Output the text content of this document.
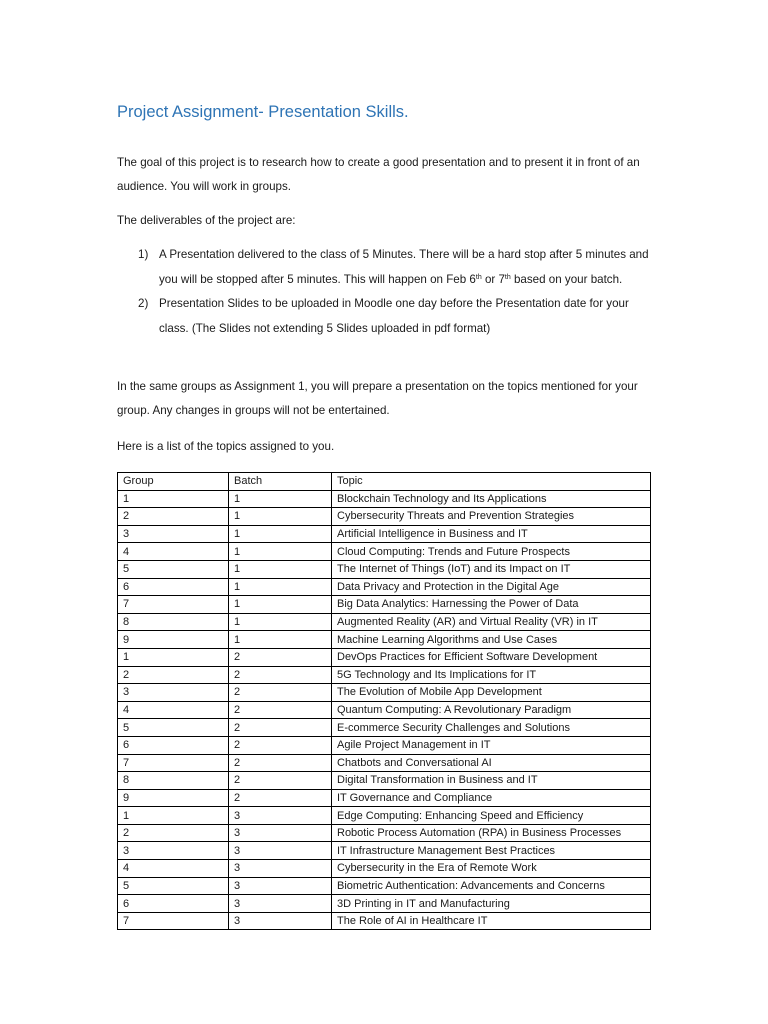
Project Assignment- Presentation Skills.

The goal of this project is to research how to create a good presentation and to present it in front of an audience. You will work in groups.

The deliverables of the project are:

1) A Presentation delivered to the class of 5 Minutes. There will be a hard stop after 5 minutes and you will be stopped after 5 minutes. This will happen on Feb 6th or 7th based on your batch.
2) Presentation Slides to be uploaded in Moodle one day before the Presentation date for your class. (The Slides not extending 5 Slides uploaded in pdf format)

In the same groups as Assignment 1, you will prepare a presentation on the topics mentioned for your group. Any changes in groups will not be entertained.

Here is a list of the topics assigned to you.

Group	Batch	Topic
1	1	Blockchain Technology and Its Applications
2	1	Cybersecurity Threats and Prevention Strategies
3	1	Artificial Intelligence in Business and IT
4	1	Cloud Computing: Trends and Future Prospects
5	1	The Internet of Things (IoT) and its Impact on IT
6	1	Data Privacy and Protection in the Digital Age
7	1	Big Data Analytics: Harnessing the Power of Data
8	1	Augmented Reality (AR) and Virtual Reality (VR) in IT
9	1	Machine Learning Algorithms and Use Cases
1	2	DevOps Practices for Efficient Software Development
2	2	5G Technology and Its Implications for IT
3	2	The Evolution of Mobile App Development
4	2	Quantum Computing: A Revolutionary Paradigm
5	2	E-commerce Security Challenges and Solutions
6	2	Agile Project Management in IT
7	2	Chatbots and Conversational AI
8	2	Digital Transformation in Business and IT
9	2	IT Governance and Compliance
1	3	Edge Computing: Enhancing Speed and Efficiency
2	3	Robotic Process Automation (RPA) in Business Processes
3	3	IT Infrastructure Management Best Practices
4	3	Cybersecurity in the Era of Remote Work
5	3	Biometric Authentication: Advancements and Concerns
6	3	3D Printing in IT and Manufacturing
7	3	The Role of AI in Healthcare IT
